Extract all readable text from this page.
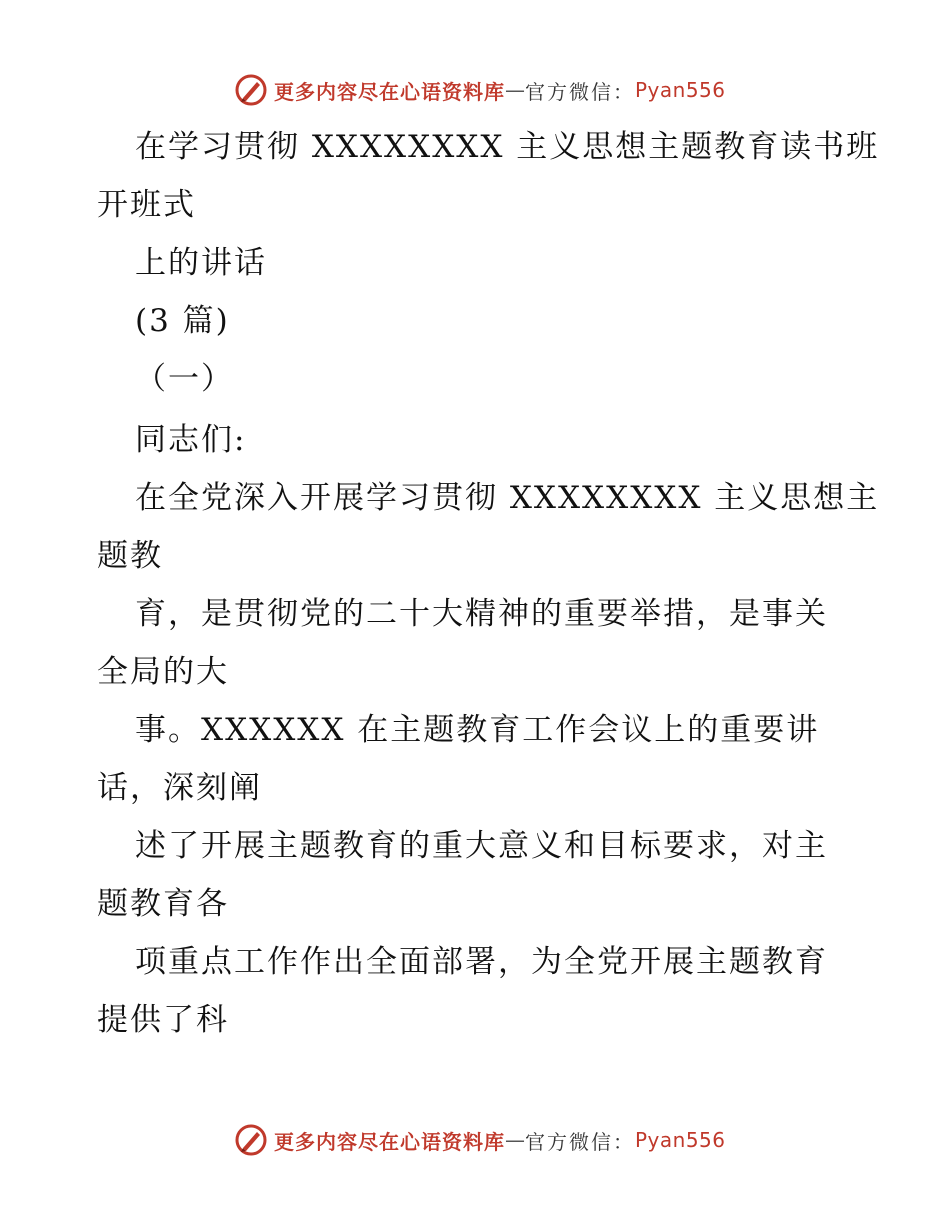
更多内容尽在心语资料库 — 官方微信： Pyan556

在学习贯彻 XXXXXXXX 主义思想主题教育读书班

开班式

上的讲话

(3 篇)

（一）

同志们:

在全党深入开展学习贯彻 XXXXXXXX 主义思想主

题教

育，是贯彻党的二十大精神的重要举措，是事关

全局的大

事。XXXXXX 在主题教育工作会议上的重要讲

话，深刻阐

述了开展主题教育的重大意义和目标要求，对主

题教育各

项重点工作作出全面部署，为全党开展主题教育

提供了科

更多内容尽在心语资料库 — 官方微信： Pyan556
